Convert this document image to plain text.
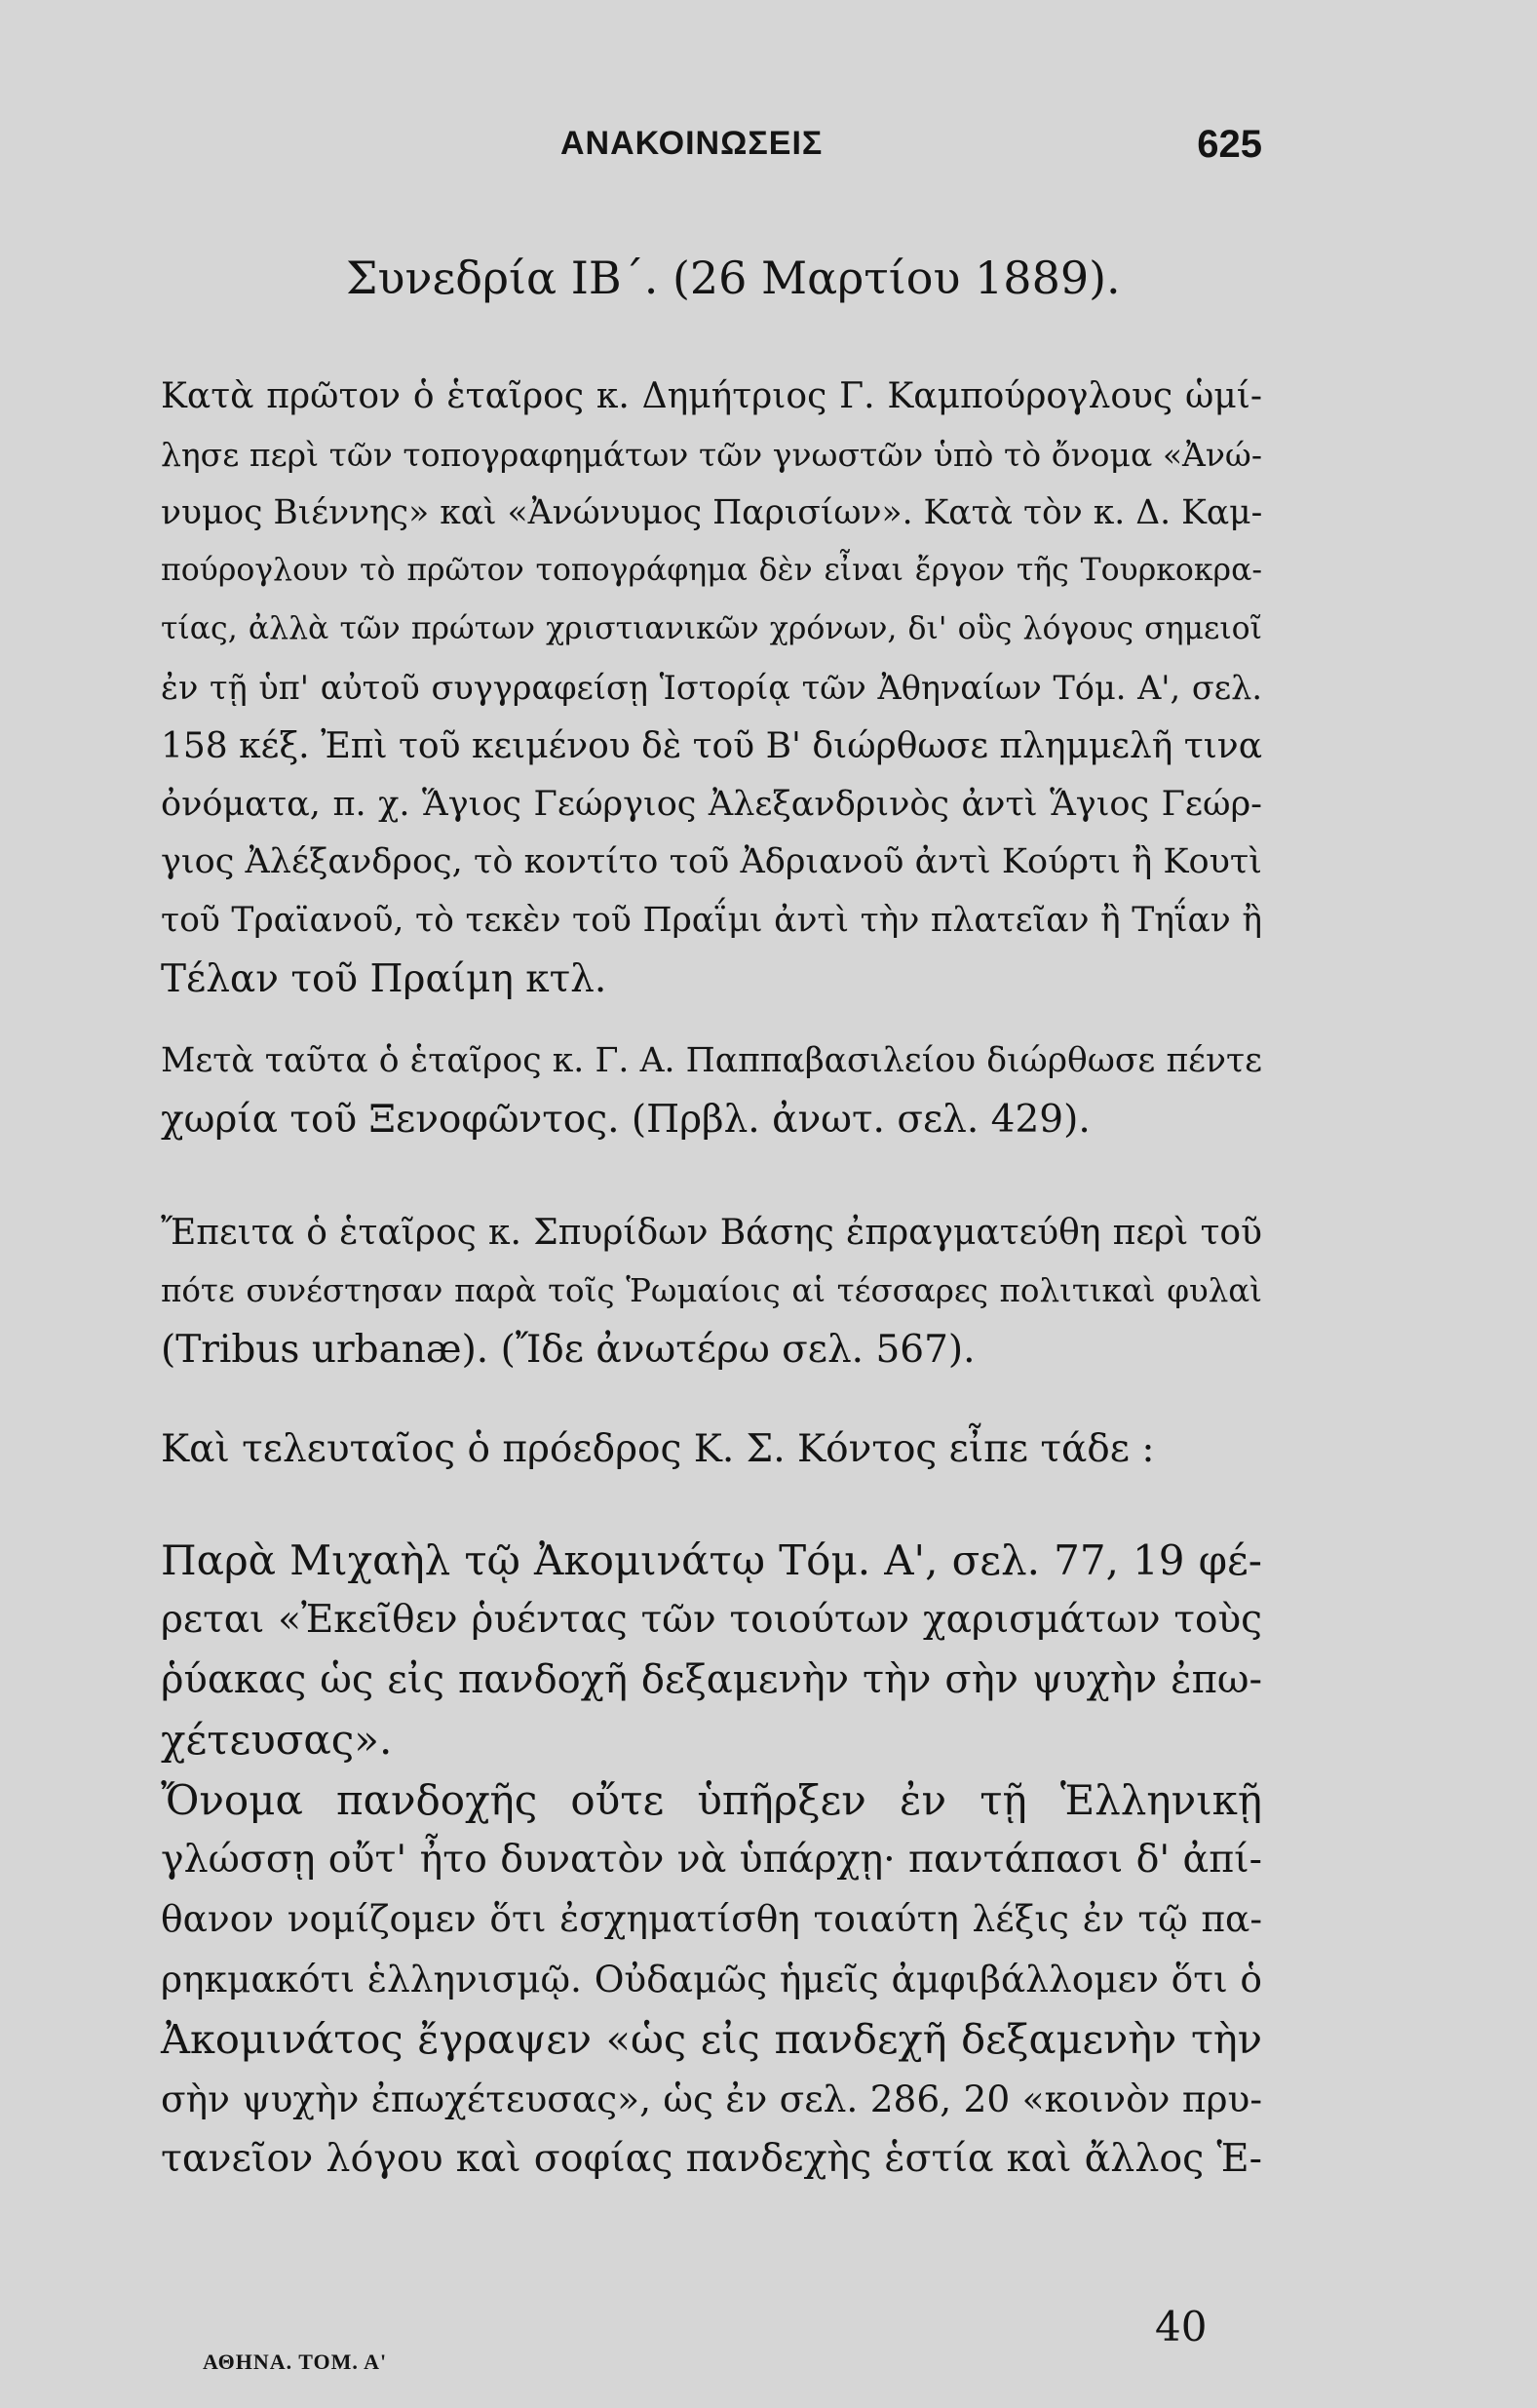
ΑΝΑΚΟΙΝΩΣΕΙΣ	625
Συνεδρία ΙΒ΄. (26 Μαρτίου 1889).
Κατὰ πρῶτον ὁ ἑταῖρος κ. Δημήτριος Γ. Καμπούρογλους ὡμί-
λησε περὶ τῶν τοπογραφημάτων τῶν γνωστῶν ὑπὸ τὸ ὄνομα «Ἀνώ-
νυμος Βιέννης» καὶ «Ἀνώνυμος Παρισίων». Κατὰ τὸν κ. Δ. Καμ-
πούρογλουν τὸ πρῶτον τοπογράφημα δὲν εἶναι ἔργον τῆς Τουρκοκρα-
τίας, ἀλλὰ τῶν πρώτων χριστιανικῶν χρόνων, δι' οὓς λόγους σημειοῖ
ἐν τῇ ὑπ' αὐτοῦ συγγραφείσῃ Ἱστορίᾳ τῶν Ἀθηναίων Τόμ. Α', σελ.
158 κέξ. Ἐπὶ τοῦ κειμένου δὲ τοῦ Β' διώρθωσε πλημμελῆ τινα
ὀνόματα, π. χ. Ἅγιος Γεώργιος Ἀλεξανδρινὸς ἀντὶ Ἅγιος Γεώρ-
γιος Ἀλέξανδρος, τὸ κοντίτο τοῦ Ἀδριανοῦ ἀντὶ Κούρτι ἢ Κουτὶ
τοῦ Τραϊανοῦ, τὸ τεκὲν τοῦ Πραΐμι ἀντὶ τὴν πλατεῖαν ἢ Τηΐαν ἢ
Τέλαν τοῦ Πραίμη κτλ.
Μετὰ ταῦτα ὁ ἑταῖρος κ. Γ. Α. Παππαβασιλείου διώρθωσε πέντε
χωρία τοῦ Ξενοφῶντος. (Πρβλ. ἀνωτ. σελ. 429).
Ἔπειτα ὁ ἑταῖρος κ. Σπυρίδων Βάσης ἐπραγματεύθη περὶ τοῦ
πότε συνέστησαν παρὰ τοῖς Ῥωμαίοις αἱ τέσσαρες πολιτικαὶ φυλαὶ
(Tribus urbanæ). (Ἴδε ἀνωτέρω σελ. 567).
Καὶ τελευταῖος ὁ πρόεδρος Κ. Σ. Κόντος εἶπε τάδε :
Παρὰ Μιχαὴλ τῷ Ἀκομινάτῳ Τόμ. Α', σελ. 77, 19 φέ-
ρεται «Ἐκεῖθεν ῥυέντας τῶν τοιούτων χαρισμάτων τοὺς
ῥύακας ὡς εἰς πανδοχῆ δεξαμενὴν τὴν σὴν ψυχὴν ἐπω-
χέτευσας».
Ὄνομα πανδοχῆς οὔτε ὑπῆρξεν ἐν τῇ Ἑλληνικῇ
γλώσσῃ οὔτ' ἦτο δυνατὸν νὰ ὑπάρχῃ· παντάπασι δ' ἀπί-
θανον νομίζομεν ὅτι ἐσχηματίσθη τοιαύτη λέξις ἐν τῷ πα-
ρηκμακότι ἑλληνισμῷ. Οὐδαμῶς ἡμεῖς ἀμφιβάλλομεν ὅτι ὁ
Ἀκομινάτος ἔγραψεν «ὡς εἰς πανδεχῆ δεξαμενὴν τὴν
σὴν ψυχὴν ἐπωχέτευσας», ὡς ἐν σελ. 286, 20 «κοινὸν πρυ-
τανεῖον λόγου καὶ σοφίας πανδεχὴς ἑστία καὶ ἄλλος Ἑ-
ΑΘΗΝΑ. ΤΟΜ. Α'
40
